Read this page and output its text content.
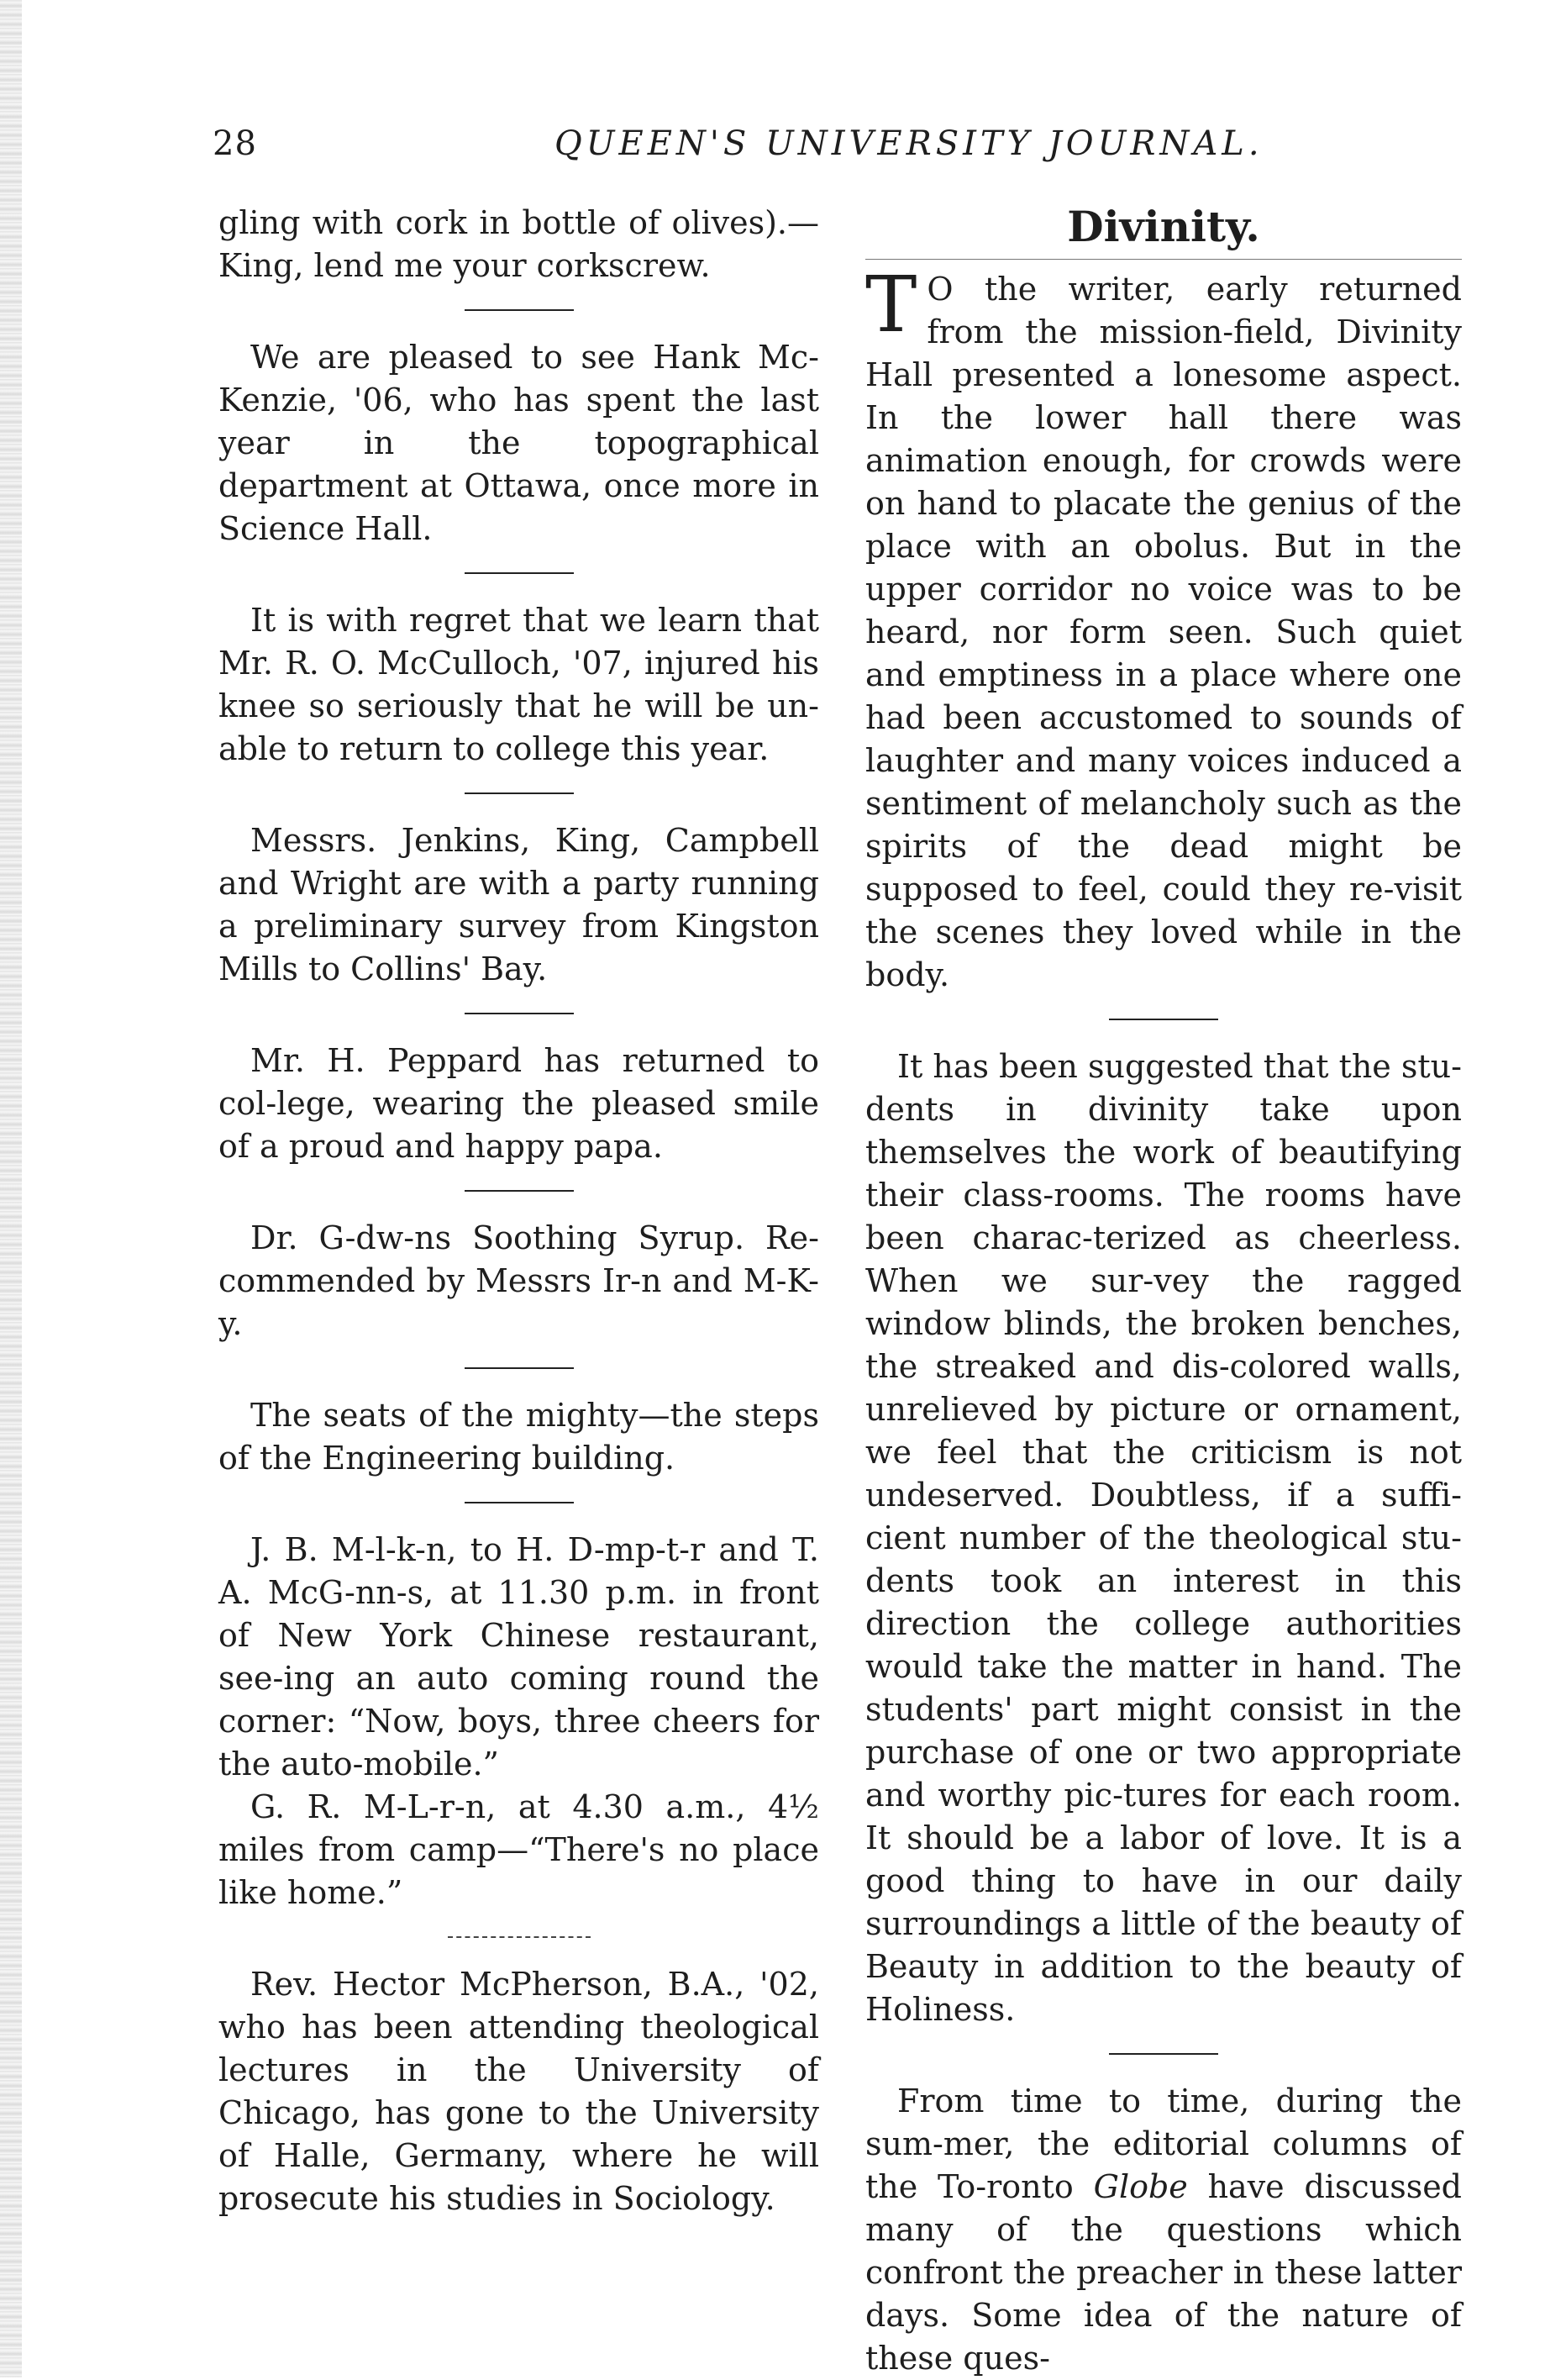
28	QUEEN'S UNIVERSITY JOURNAL.

gling with cork in bottle of olives).— King, lend me your corkscrew.

We are pleased to see Hank Mc-Kenzie, '06, who has spent the last year in the topographical department at Ottawa, once more in Science Hall.

It is with regret that we learn that Mr. R. O. McCulloch, '07, injured his knee so seriously that he will be un-able to return to college this year.

Messrs. Jenkins, King, Campbell and Wright are with a party running a preliminary survey from Kingston Mills to Collins' Bay.

Mr. H. Peppard has returned to col-lege, wearing the pleased smile of a proud and happy papa.

Dr. G-dw-ns Soothing Syrup. Re-commended by Messrs Ir-n and M-K-y.

The seats of the mighty—the steps of the Engineering building.

J. B. M-l-k-n, to H. D-mp-t-r and T. A. McG-nn-s, at 11.30 p.m. in front of New York Chinese restaurant, see-ing an auto coming round the corner: “Now, boys, three cheers for the auto-mobile.”

G. R. M-L-r-n, at 4.30 a.m., 4½ miles from camp—“There's no place like home.”

Rev. Hector McPherson, B.A., '02, who has been attending theological lectures in the University of Chicago, has gone to the University of Halle, Germany, where he will prosecute his studies in Sociology.

Divinity.

T O the writer, early returned from the mission-field, Divinity Hall presented a lonesome aspect. In the lower hall there was animation enough, for crowds were on hand to placate the genius of the place with an obolus. But in the upper corridor no voice was to be heard, nor form seen. Such quiet and emptiness in a place where one had been accustomed to sounds of laughter and many voices induced a sentiment of melancholy such as the spirits of the dead might be supposed to feel, could they re-visit the scenes they loved while in the body.

It has been suggested that the stu-dents in divinity take upon themselves the work of beautifying their class-rooms. The rooms have been charac-terized as cheerless. When we sur-vey the ragged window blinds, the broken benches, the streaked and dis-colored walls, unrelieved by picture or ornament, we feel that the criticism is not undeserved. Doubtless, if a suffi-cient number of the theological stu-dents took an interest in this direction the college authorities would take the matter in hand. The students' part might consist in the purchase of one or two appropriate and worthy pic-tures for each room. It should be a labor of love. It is a good thing to have in our daily surroundings a little of the beauty of Beauty in addition to the beauty of Holiness.

From time to time, during the sum-mer, the editorial columns of the To-ronto Globe have discussed many of the questions which confront the preacher in these latter days. Some idea of the nature of these ques-
